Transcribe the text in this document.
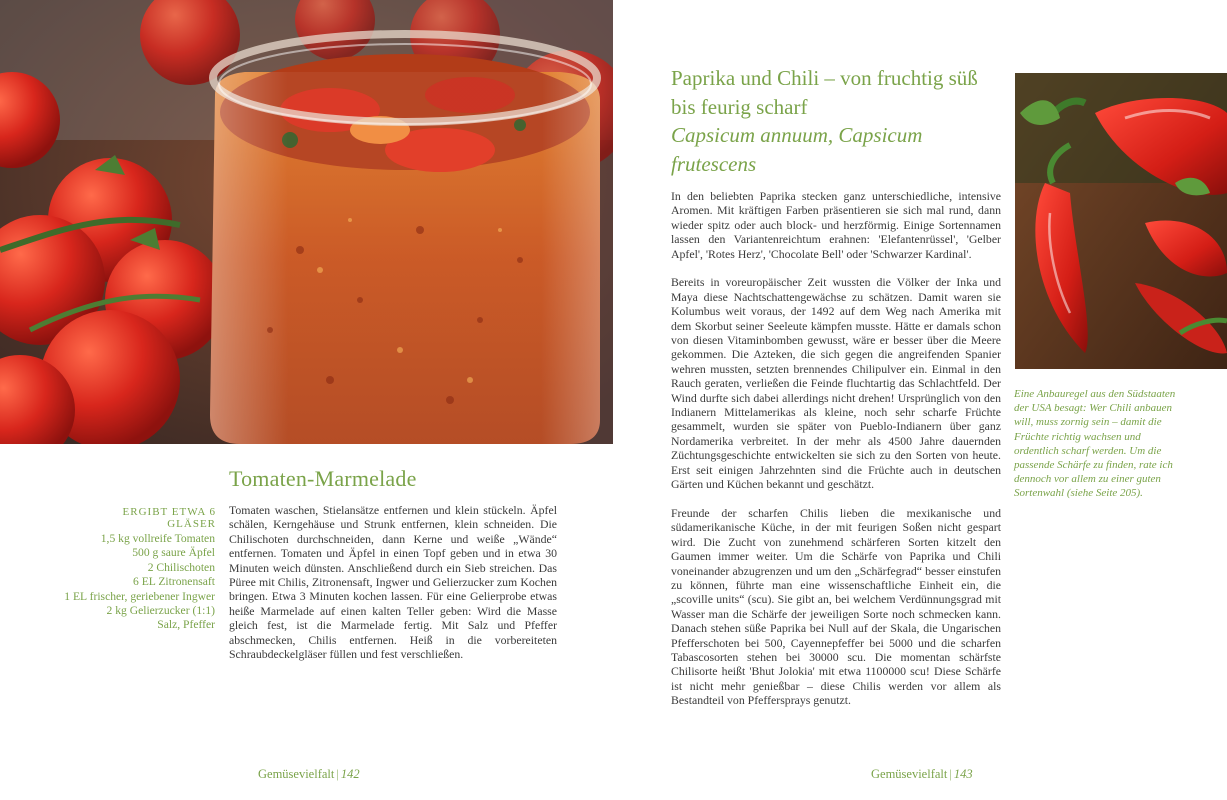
Tomaten-Marmelade
ERGIBT ETWA 6 GLÄSER
1,5 kg vollreife Tomaten
500 g saure Äpfel
2 Chilischoten
6 EL Zitronensaft
1 EL frischer, geriebener Ingwer
2 kg Gelierzucker (1:1)
Salz, Pfeffer

Tomaten waschen, Stielansätze entfernen und klein stückeln. Äpfel schälen, Kerngehäuse und Strunk entfernen, klein schneiden. Die Chilischoten durchschneiden, dann Kerne und weiße „Wände“ entfernen. Tomaten und Äpfel in einen Topf geben und in etwa 30 Minuten weich dünsten. Anschließend durch ein Sieb streichen. Das Püree mit Chilis, Zitronensaft, Ingwer und Gelierzucker zum Kochen bringen. Etwa 3 Minuten kochen lassen. Für eine Gelierprobe etwas heiße Marmelade auf einen kalten Teller geben: Wird die Masse gleich fest, ist die Marmelade fertig. Mit Salz und Pfeffer abschmecken, Chilis entfernen. Heiß in die vorbereiteten Schraubdeckelgläser füllen und fest verschließen.

Gemüsevielfalt | 142
Paprika und Chili – von fruchtig süß bis feurig scharf
Capsicum annuum, Capsicum frutescens

In den beliebten Paprika stecken ganz unterschiedliche, intensive Aromen. Mit kräftigen Farben präsentieren sie sich mal rund, dann wieder spitz oder auch block- und herzförmig. Einige Sortennamen lassen den Variantenreichtum erahnen: 'Elefantenrüssel', 'Gelber Apfel', 'Rotes Herz', 'Chocolate Bell' oder 'Schwarzer Kardinal'.

Bereits in voreuropäischer Zeit wussten die Völker der Inka und Maya diese Nachtschattengewächse zu schätzen. Damit waren sie Kolumbus weit voraus, der 1492 auf dem Weg nach Amerika mit dem Skorbut seiner Seeleute kämpfen musste. Hätte er damals schon von diesen Vitaminbomben gewusst, wäre er besser über die Meere gekommen. Die Azteken, die sich gegen die angreifenden Spanier wehren mussten, setzten brennendes Chilipulver ein. Einmal in den Rauch geraten, verließen die Feinde fluchtartig das Schlachtfeld. Der Wind durfte sich dabei allerdings nicht drehen! Ursprünglich von den Indianern Mittelamerikas als kleine, noch sehr scharfe Früchte gesammelt, wurden sie später von Pueblo-Indianern über ganz Nordamerika verbreitet. In der mehr als 4500 Jahre dauernden Züchtungsgeschichte entwickelten sie sich zu den Sorten von heute. Erst seit einigen Jahrzehnten sind die Früchte auch in deutschen Gärten und Küchen bekannt und geschätzt.

Freunde der scharfen Chilis lieben die mexikanische und südamerikanische Küche, in der mit feurigen Soßen nicht gespart wird. Die Zucht von zunehmend schärferen Sorten kitzelt den Gaumen immer weiter. Um die Schärfe von Paprika und Chili voneinander abzugrenzen und um den „Schärfegrad“ besser einstufen zu können, führte man eine wissenschaftliche Einheit ein, die „scoville units“ (scu). Sie gibt an, bei welchem Verdünnungsgrad mit Wasser man die Schärfe der jeweiligen Sorte noch schmecken kann. Danach stehen süße Paprika bei Null auf der Skala, die Ungarischen Pfefferschoten bei 500, Cayennepfeffer bei 5000 und die scharfen Tabascosorten stehen bei 30000 scu. Die momentan schärfste Chilisorte heißt 'Bhut Jolokia' mit etwa 1100000 scu! Diese Schärfe ist nicht mehr genießbar – diese Chilis werden vor allem als Bestandteil von Pfeffersprays genutzt.

Eine Anbauregel aus den Südstaaten der USA besagt: Wer Chili anbauen will, muss zornig sein – damit die Früchte richtig wachsen und ordentlich scharf werden. Um die passende Schärfe zu finden, rate ich dennoch vor allem zu einer guten Sortenwahl (siehe Seite 205).

Gemüsevielfalt | 143
